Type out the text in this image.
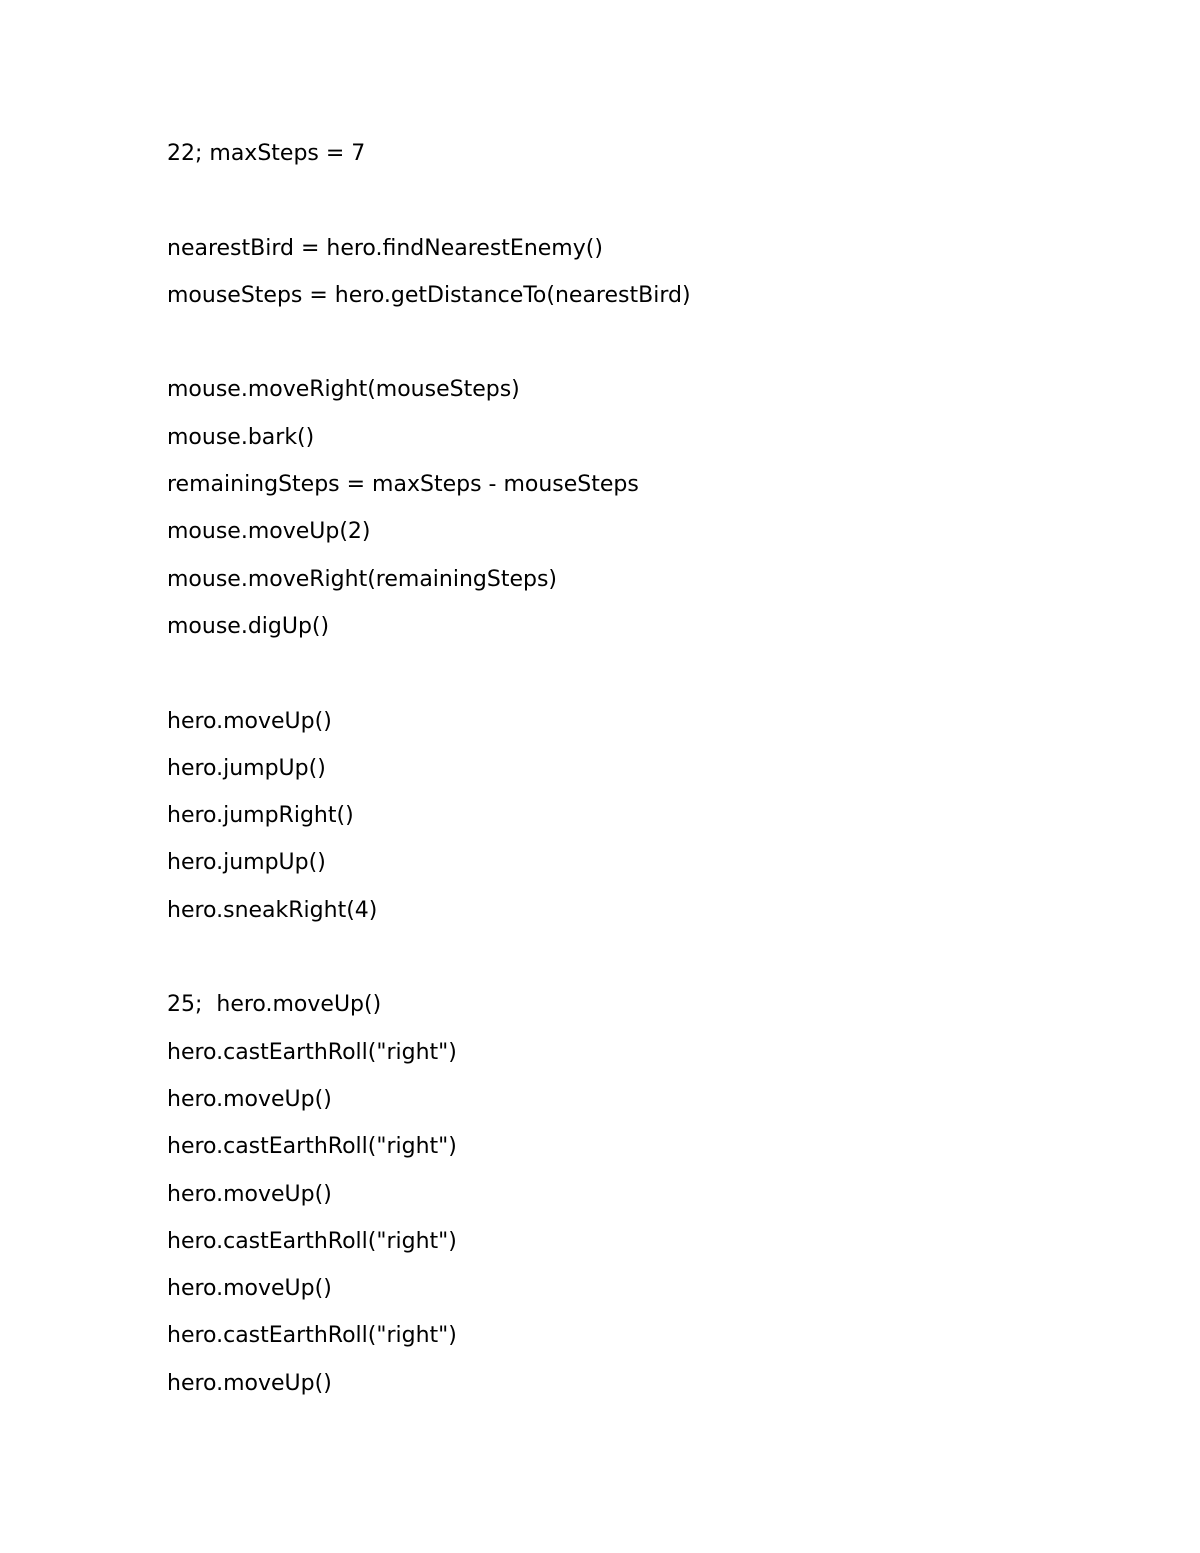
22; maxSteps = 7
nearestBird = hero.findNearestEnemy()
mouseSteps = hero.getDistanceTo(nearestBird)
mouse.moveRight(mouseSteps)
mouse.bark()
remainingSteps = maxSteps - mouseSteps
mouse.moveUp(2)
mouse.moveRight(remainingSteps)
mouse.digUp()
hero.moveUp()
hero.jumpUp()
hero.jumpRight()
hero.jumpUp()
hero.sneakRight(4)
25;  hero.moveUp()
hero.castEarthRoll("right")
hero.moveUp()
hero.castEarthRoll("right")
hero.moveUp()
hero.castEarthRoll("right")
hero.moveUp()
hero.castEarthRoll("right")
hero.moveUp()
